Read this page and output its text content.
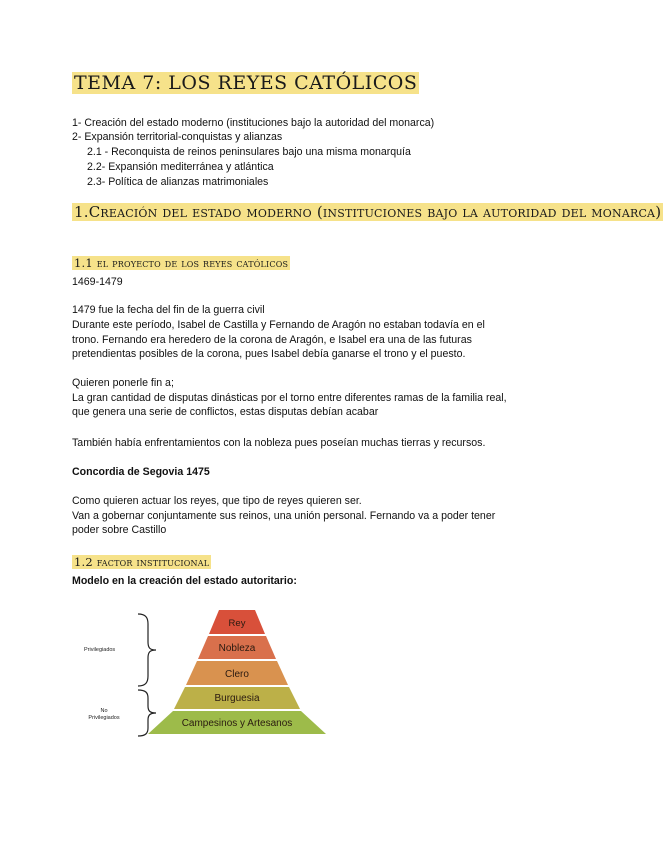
TEMA 7: LOS REYES CATÓLICOS
1- Creación del estado moderno (instituciones bajo la autoridad del monarca)
2- Expansión territorial-conquistas y alianzas
2.1 - Reconquista de reinos peninsulares bajo una misma monarquía
2.2- Expansión mediterránea y atlántica
2.3- Política de alianzas matrimoniales
1.Creación del estado moderno (instituciones bajo la autoridad del monarca)
1.1 el proyecto de los reyes católicos
1469-1479
1479 fue la fecha del fin de la guerra civil
Durante este período, Isabel de Castilla y Fernando de Aragón no estaban todavía en el
trono. Fernando era heredero de la corona de Aragón, e Isabel era una de las futuras
pretendientas posibles de la corona, pues Isabel debía ganarse el trono y el puesto.
Quieren ponerle fin a;
La gran cantidad de disputas dinásticas por el torno entre diferentes ramas de la familia real,
que genera una serie de conflictos, estas disputas debían acabar
También había enfrentamientos con la nobleza pues poseían muchas tierras y recursos.
Concordia de Segovia 1475
Como quieren actuar los reyes, que tipo de reyes quieren ser.
Van a gobernar conjuntamente sus reinos, una unión personal. Fernando va a poder tener
poder sobre Castillo
1.2 factor institucional
Modelo en la creación del estado autoritario:
Rey
Nobleza
Clero
Burguesia
Campesinos y Artesanos
Privilegiados
No
Privilegiados
